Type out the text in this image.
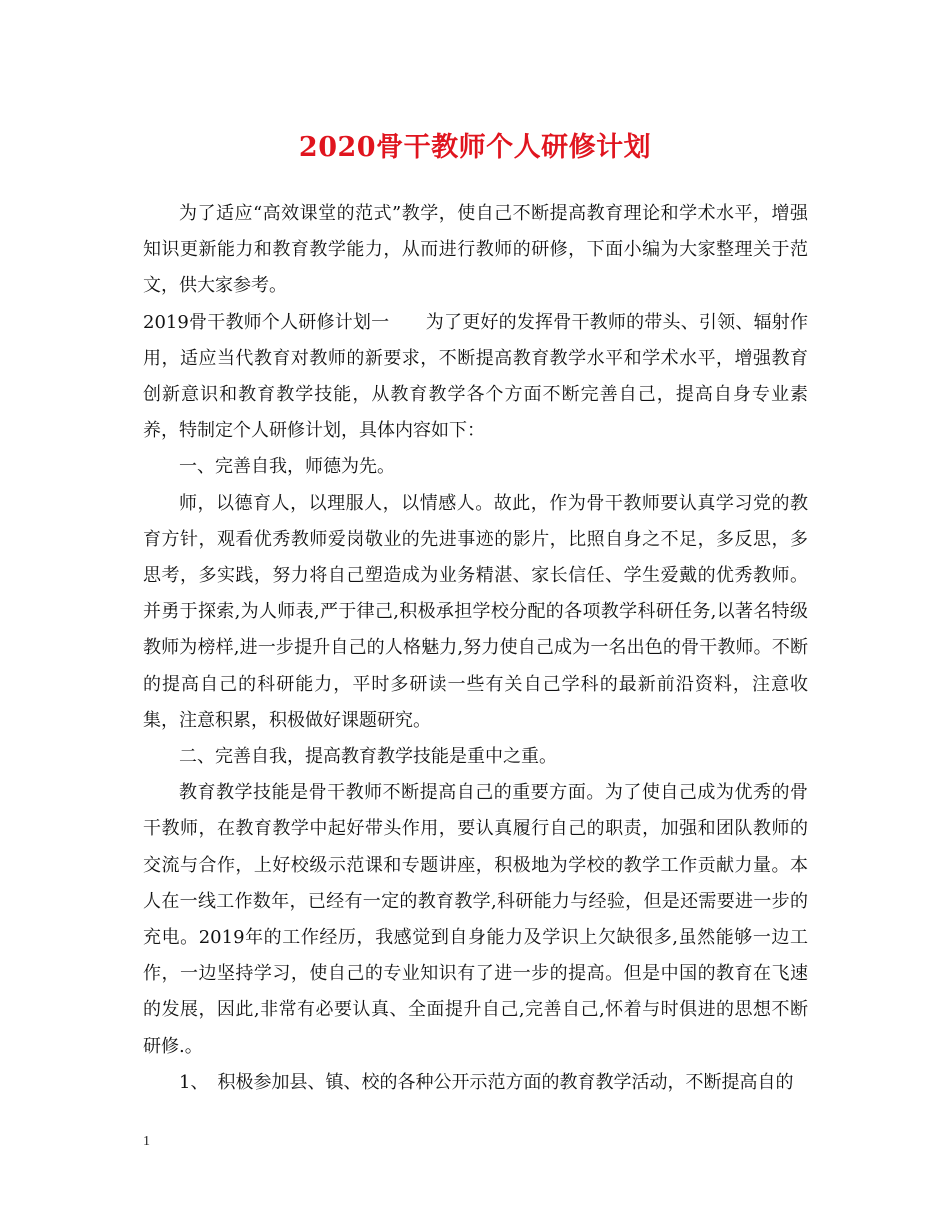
2020骨干教师个人研修计划

为了适应“高效课堂的范式”教学，使自己不断提高教育理论和学术水平，增强知识更新能力和教育教学能力，从而进行教师的研修，下面小编为大家整理关于范文，供大家参考。

2019骨干教师个人研修计划一　　为了更好的发挥骨干教师的带头、引领、辐射作用，适应当代教育对教师的新要求，不断提高教育教学水平和学术水平，增强教育创新意识和教育教学技能，从教育教学各个方面不断完善自己，提高自身专业素养，特制定个人研修计划，具体内容如下：

一、完善自我，师德为先。

师，以德育人，以理服人，以情感人。故此，作为骨干教师要认真学习党的教育方针，观看优秀教师爱岗敬业的先进事迹的影片，比照自身之不足，多反思，多思考，多实践，努力将自己塑造成为业务精湛、家长信任、学生爱戴的优秀教师。并勇于探索,为人师表,严于律己,积极承担学校分配的各项教学科研任务,以著名特级教师为榜样,进一步提升自己的人格魅力,努力使自己成为一名出色的骨干教师。不断的提高自己的科研能力，平时多研读一些有关自己学科的最新前沿资料，注意收集，注意积累，积极做好课题研究。

二、完善自我，提高教育教学技能是重中之重。

教育教学技能是骨干教师不断提高自己的重要方面。为了使自己成为优秀的骨干教师，在教育教学中起好带头作用，要认真履行自己的职责，加强和团队教师的交流与合作，上好校级示范课和专题讲座，积极地为学校的教学工作贡献力量。本人在一线工作数年，已经有一定的教育教学,科研能力与经验，但是还需要进一步的充电。2019年的工作经历，我感觉到自身能力及学识上欠缺很多,虽然能够一边工作，一边坚持学习，使自己的专业知识有了进一步的提高。但是中国的教育在飞速的发展，因此,非常有必要认真、全面提升自己,完善自己,怀着与时俱进的思想不断研修.。

1、　积极参加县、镇、校的各种公开示范方面的教育教学活动，不断提高自的

1
